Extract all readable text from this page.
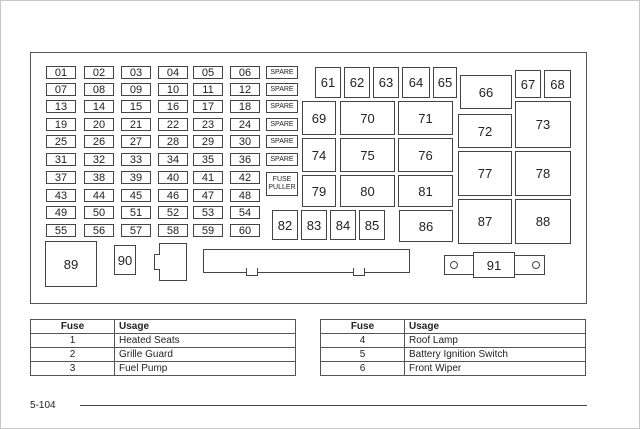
01	02	03	04	05	06
07	08	09	10	11	12
13	14	15	16	17	18
19	20	21	22	23	24
25	26	27	28	29	30
31	32	33	34	35	36
37	38	39	40	41	42
43	44	45	46	47	48
49	50	51	52	53	54
55	56	57	58	59	60
SPARE
SPARE
SPARE
SPARE
SPARE
SPARE
FUSE PULLER
61	62	63	64	65
66
67	68
69	70	71
72	73
74	75	76
77	78
79	80	81
82	83	84	85	86	87	88
89	90	91
Fuse	Usage
1	Heated Seats
2	Grille Guard
3	Fuel Pump
Fuse	Usage
4	Roof Lamp
5	Battery Ignition Switch
6	Front Wiper
5-104
